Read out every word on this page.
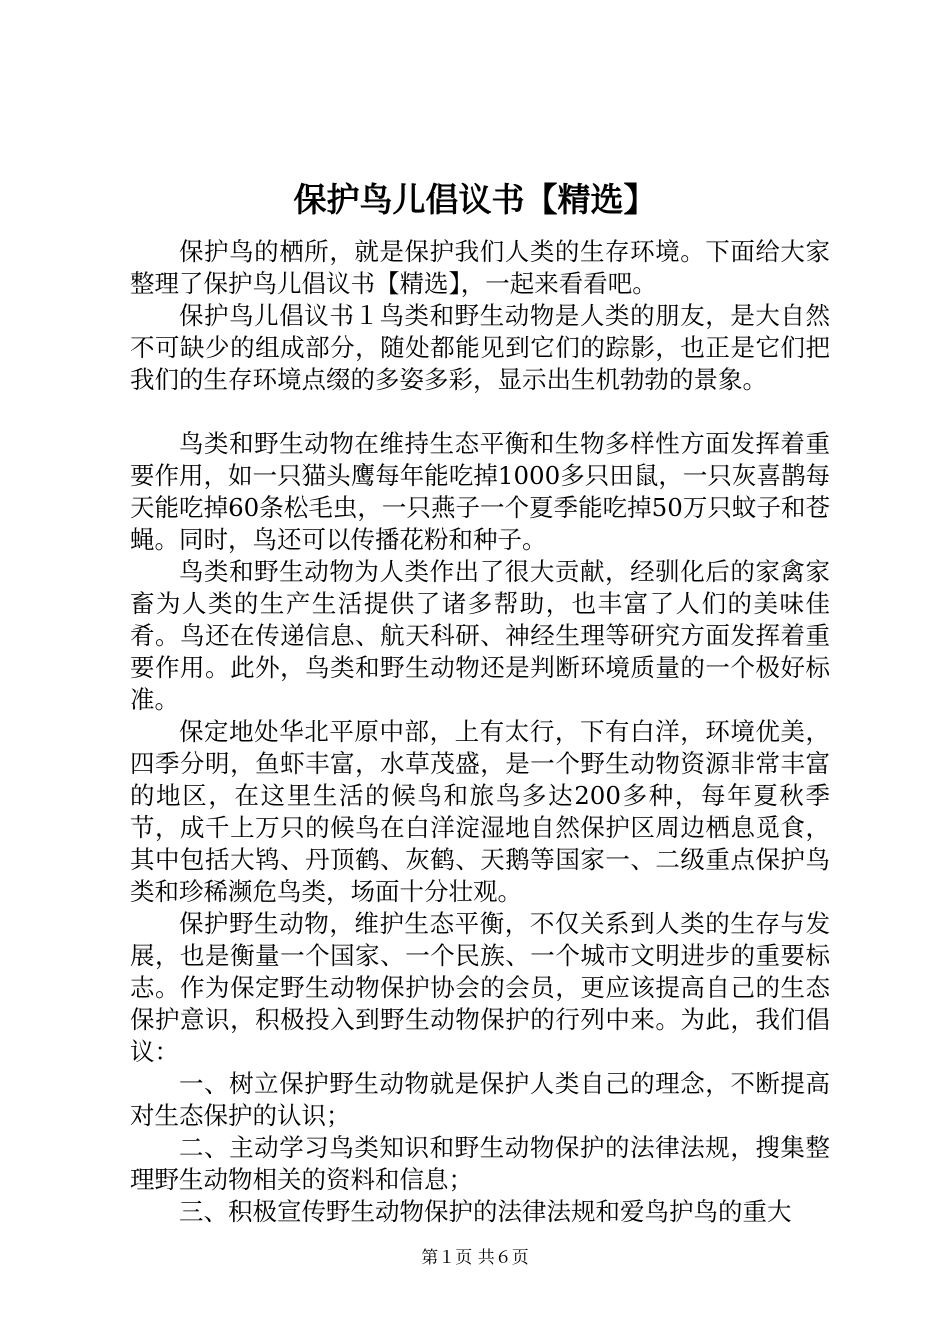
保护鸟儿倡议书【精选】

保护鸟的栖所，就是保护我们人类的生存环境。下面给大家整理了保护鸟儿倡议书【精选】，一起来看看吧。

保护鸟儿倡议书１鸟类和野生动物是人类的朋友，是大自然不可缺少的组成部分，随处都能见到它们的踪影，也正是它们把我们的生存环境点缀的多姿多彩，显示出生机勃勃的景象。

鸟类和野生动物在维持生态平衡和生物多样性方面发挥着重要作用，如一只猫头鹰每年能吃掉1000多只田鼠，一只灰喜鹊每天能吃掉60条松毛虫，一只燕子一个夏季能吃掉50万只蚊子和苍蝇。同时，鸟还可以传播花粉和种子。

鸟类和野生动物为人类作出了很大贡献，经驯化后的家禽家畜为人类的生产生活提供了诸多帮助，也丰富了人们的美味佳肴。鸟还在传递信息、航天科研、神经生理等研究方面发挥着重要作用。此外，鸟类和野生动物还是判断环境质量的一个极好标准。

保定地处华北平原中部，上有太行，下有白洋，环境优美，四季分明，鱼虾丰富，水草茂盛，是一个野生动物资源非常丰富的地区，在这里生活的候鸟和旅鸟多达200多种，每年夏秋季节，成千上万只的候鸟在白洋淀湿地自然保护区周边栖息觅食，其中包括大鸨、丹顶鹤、灰鹤、天鹅等国家一、二级重点保护鸟类和珍稀濒危鸟类，场面十分壮观。

保护野生动物，维护生态平衡，不仅关系到人类的生存与发展，也是衡量一个国家、一个民族、一个城市文明进步的重要标志。作为保定野生动物保护协会的会员，更应该提高自己的生态保护意识，积极投入到野生动物保护的行列中来。为此，我们倡议：

一、树立保护野生动物就是保护人类自己的理念，不断提高对生态保护的认识；

二、主动学习鸟类知识和野生动物保护的法律法规，搜集整理野生动物相关的资料和信息；

三、积极宣传野生动物保护的法律法规和爱鸟护鸟的重大

第１页 共６页
